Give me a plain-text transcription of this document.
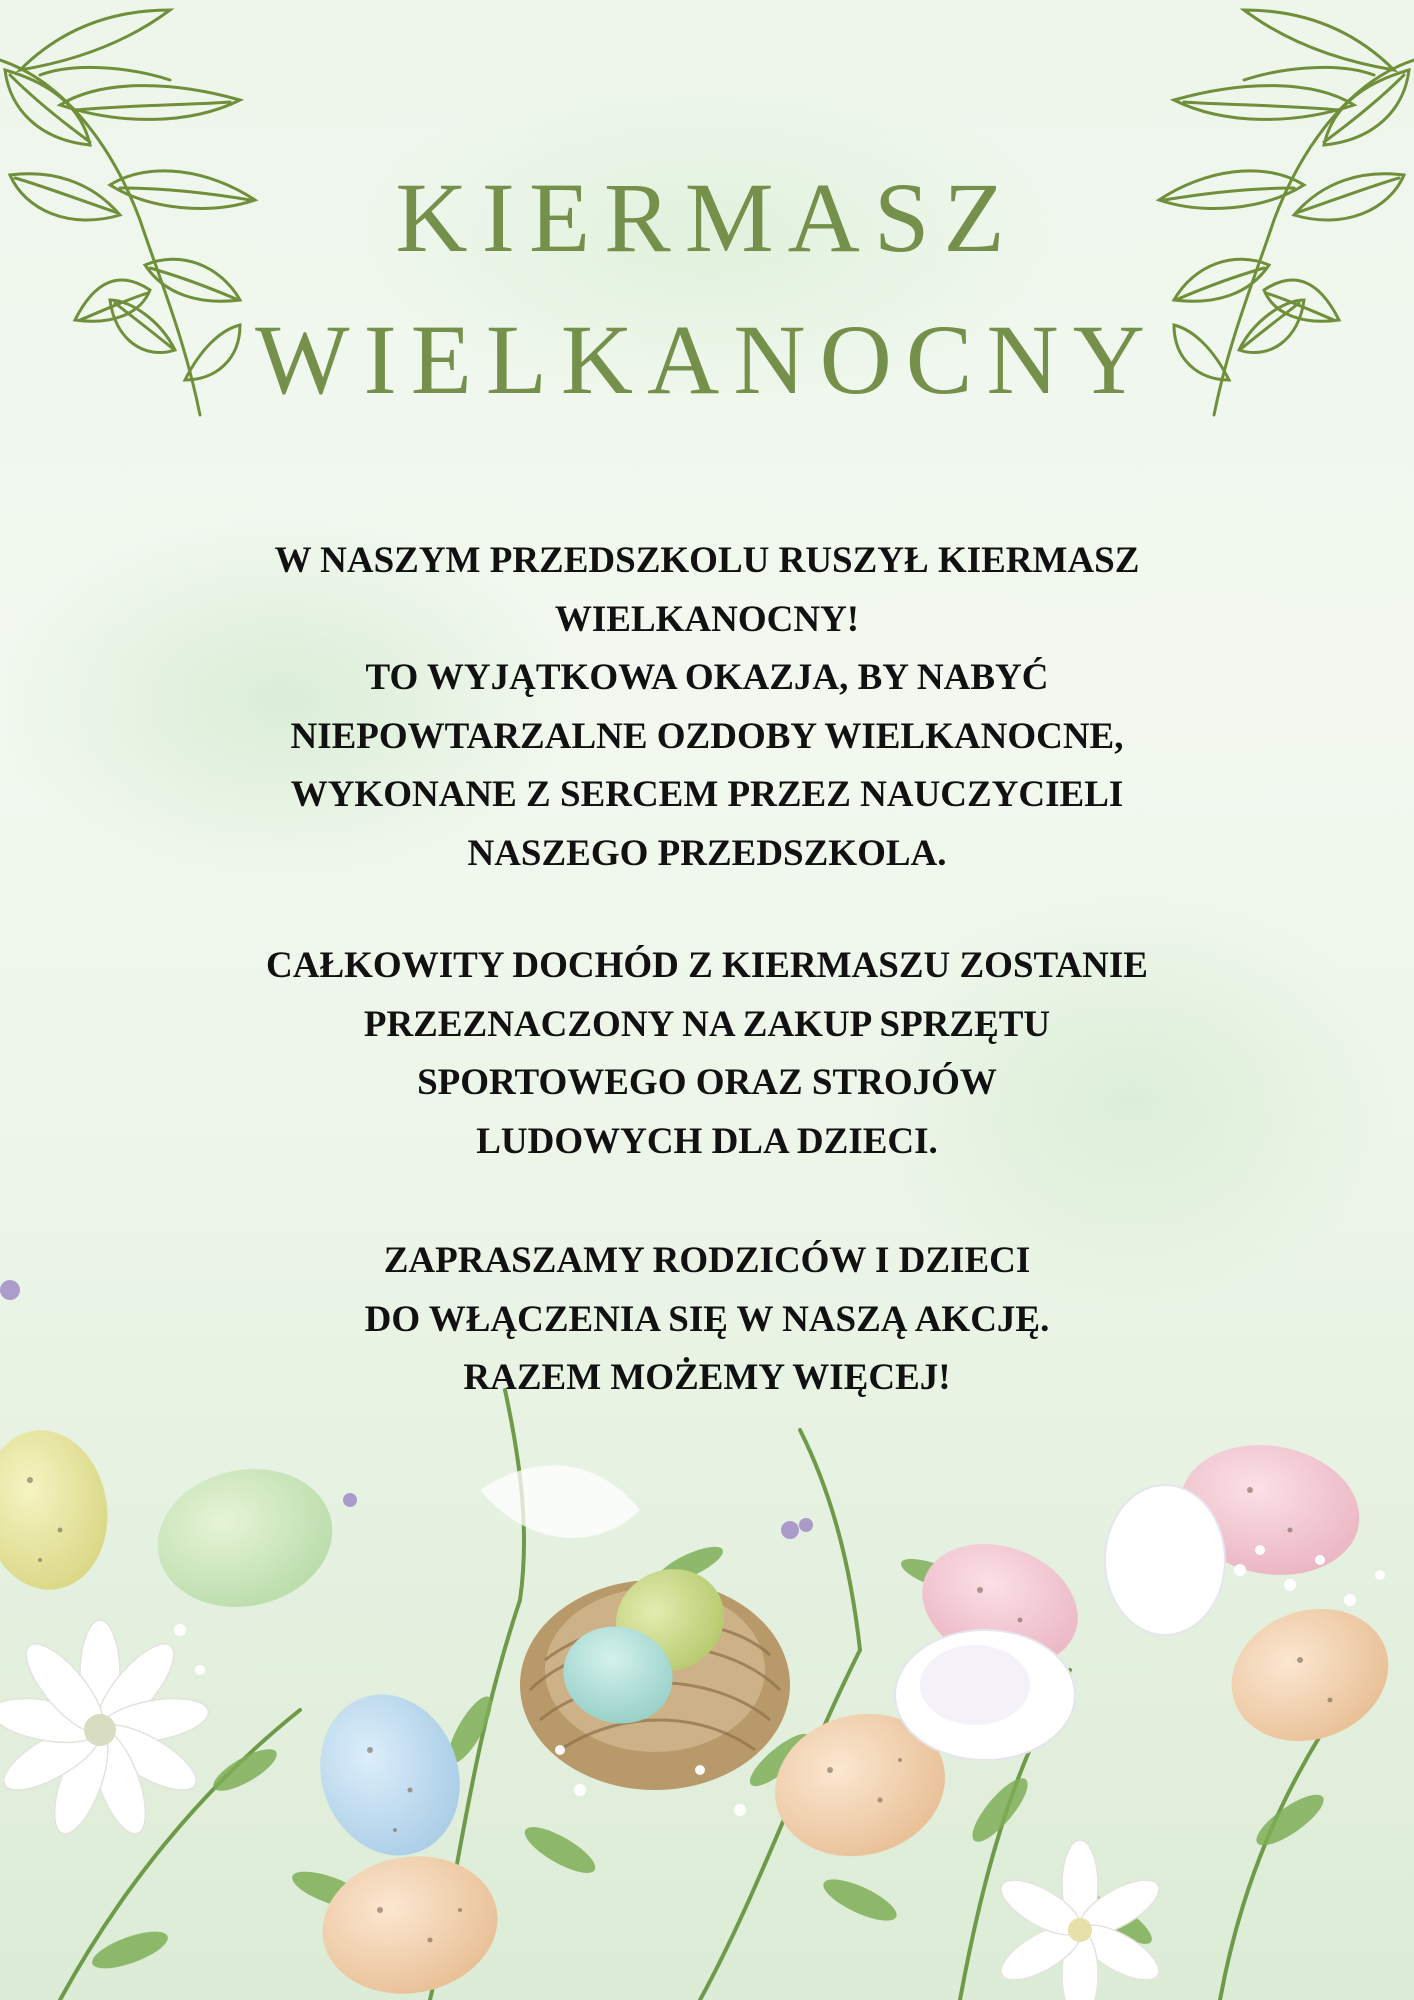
KIERMASZ
WIELKANOCNY
W NASZYM PRZEDSZKOLU RUSZYŁ KIERMASZ
WIELKANOCNY!
TO WYJĄTKOWA OKAZJA, BY NABYĆ
NIEPOWTARZALNE OZDOBY WIELKANOCNE,
WYKONANE Z SERCEM PRZEZ NAUCZYCIELI
NASZEGO PRZEDSZKOLA.
CAŁKOWITY DOCHÓD Z KIERMASZU ZOSTANIE
PRZEZNACZONY NA ZAKUP SPRZĘTU
SPORTOWEGO ORAZ STROJÓW
LUDOWYCH DLA DZIECI.
ZAPRASZAMY RODZICÓW I DZIECI
DO WŁĄCZENIA SIĘ W NASZĄ AKCJĘ.
RAZEM MOŻEMY WIĘCEJ!
